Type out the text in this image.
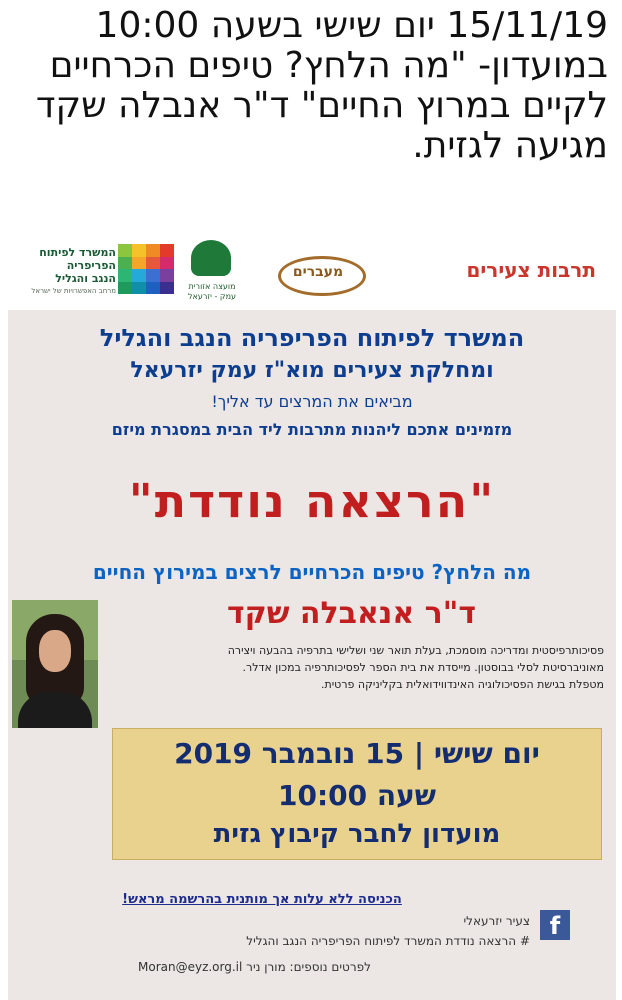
15/11/19 יום שישי בשעה 10:00
במועדון- "מה הלחץ? טיפים הכרחיים
לקיים במרוץ החיים" ד"ר אנבלה שקד
מגיעה לגזית.
תרבות צעירים
מעברים
מועצה אזורית עמק - יזרעאל
המשרד לפיתוח
הפריפריה
הנגב והגליל
מרחב האפשרויות של ישראל
המשרד לפיתוח הפריפריה הנגב והגליל
ומחלקת צעירים מוא"ז עמק יזרעאל
מביאים את המרצים עד אליך!
מזמינים אתכם ליהנות מתרבות ליד הבית במסגרת מיזם
"הרצאה נודדת"
מה הלחץ? טיפים הכרחיים לרצים במירוץ החיים
ד"ר אנאבלה שקד
פסיכותרפיסטית ומדריכה מוסמכת, בעלת תואר שני ושלישי בתרפיה בהבעה ויצירה
מאוניברסיטת לסלי בבוסטון. מייסדת את בית הספר לפסיכותרפיה במכון אדלר.
מטפלת בגישת הפסיכולוגיה האינדווידואלית בקליניקה פרטית.
יום שישי | 15 נובמבר 2019
שעה 10:00
מועדון לחבר קיבוץ גזית
הכניסה ללא עלות אך מותנית בהרשמה מראש!
f
צעיר יזרעאלי
# הרצאה נודדת המשרד לפיתוח הפריפריה הנגב והגליל
לפרטים נוספים: מורן ניר Moran@eyz.org.il
